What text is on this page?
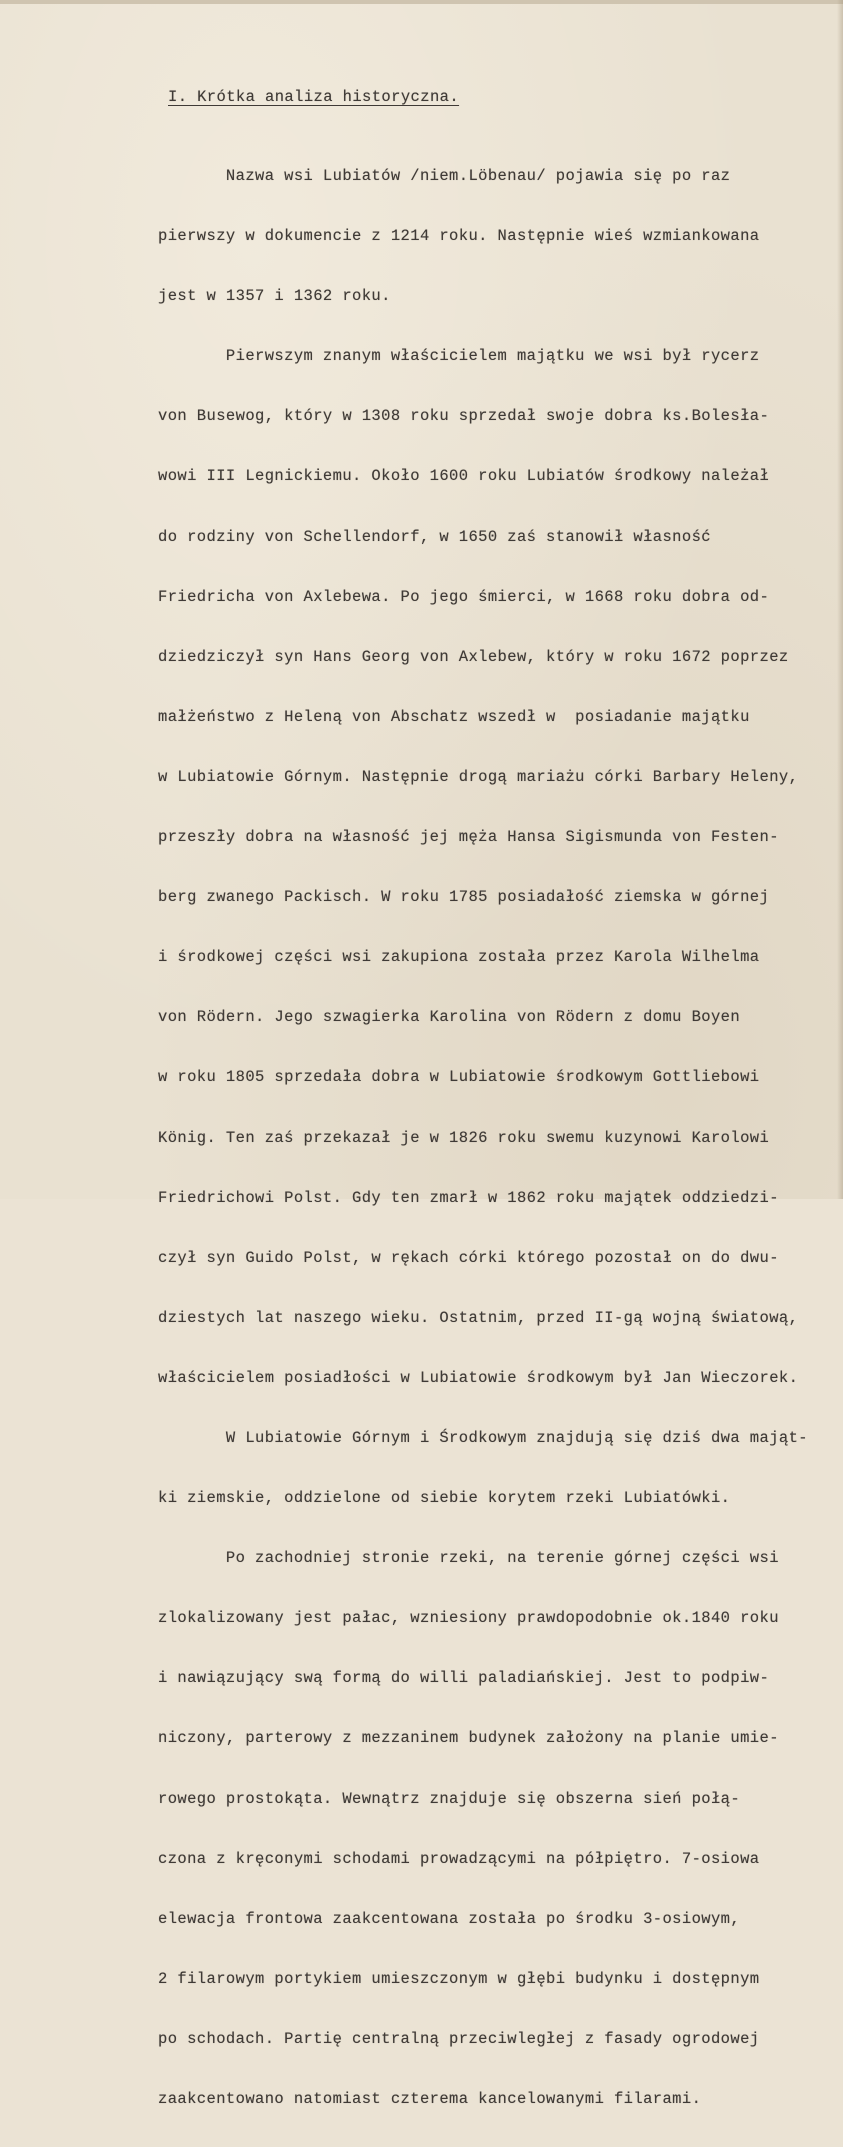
I. Krótka analiza historyczna.

Nazwa wsi Lubiatów /niem.Löbenau/ pojawia się po raz

pierwszy w dokumencie z 1214 roku. Następnie wieś wzmiankowana

jest w 1357 i 1362 roku.

Pierwszym znanym właścicielem majątku we wsi był rycerz

von Busewog, który w 1308 roku sprzedał swoje dobra ks.Bolesła-

wowi III Legnickiemu. Około 1600 roku Lubiatów środkowy należał

do rodziny von Schellendorf, w 1650 zaś stanowił własność

Friedricha von Axlebewa. Po jego śmierci, w 1668 roku dobra od-

dziedziczył syn Hans Georg von Axlebew, który w roku 1672 poprzez

małżeństwo z Heleną von Abschatz wszedł w  posiadanie majątku

w Lubiatowie Górnym. Następnie drogą mariażu córki Barbary Heleny,

przeszły dobra na własność jej męża Hansa Sigismunda von Festen-

berg zwanego Packisch. W roku 1785 posiadałość ziemska w górnej

i środkowej części wsi zakupiona została przez Karola Wilhelma

von Rödern. Jego szwagierka Karolina von Rödern z domu Boyen

w roku 1805 sprzedała dobra w Lubiatowie środkowym Gottliebowi

König. Ten zaś przekazał je w 1826 roku swemu kuzynowi Karolowi

Friedrichowi Polst. Gdy ten zmarł w 1862 roku majątek oddziedzi-

czył syn Guido Polst, w rękach córki którego pozostał on do dwu-

dziestych lat naszego wieku. Ostatnim, przed II-gą wojną światową,

właścicielem posiadłości w Lubiatowie środkowym był Jan Wieczorek.

W Lubiatowie Górnym i Środkowym znajdują się dziś dwa mająt-

ki ziemskie, oddzielone od siebie korytem rzeki Lubiatówki.

Po zachodniej stronie rzeki, na terenie górnej części wsi

zlokalizowany jest pałac, wzniesiony prawdopodobnie ok.1840 roku

i nawiązujący swą formą do willi paladiańskiej. Jest to podpiw-

niczony, parterowy z mezzaninem budynek założony na planie umie-

rowego prostokąta. Wewnątrz znajduje się obszerna sień połą-

czona z kręconymi schodami prowadzącymi na półpiętro. 7-osiowa

elewacja frontowa zaakcentowana została po środku 3-osiowym,

2 filarowym portykiem umieszczonym w głębi budynku i dostępnym

po schodach. Partię centralną przeciwległej z fasady ogrodowej

zaakcentowano natomiast czterema kancelowanymi filarami.
